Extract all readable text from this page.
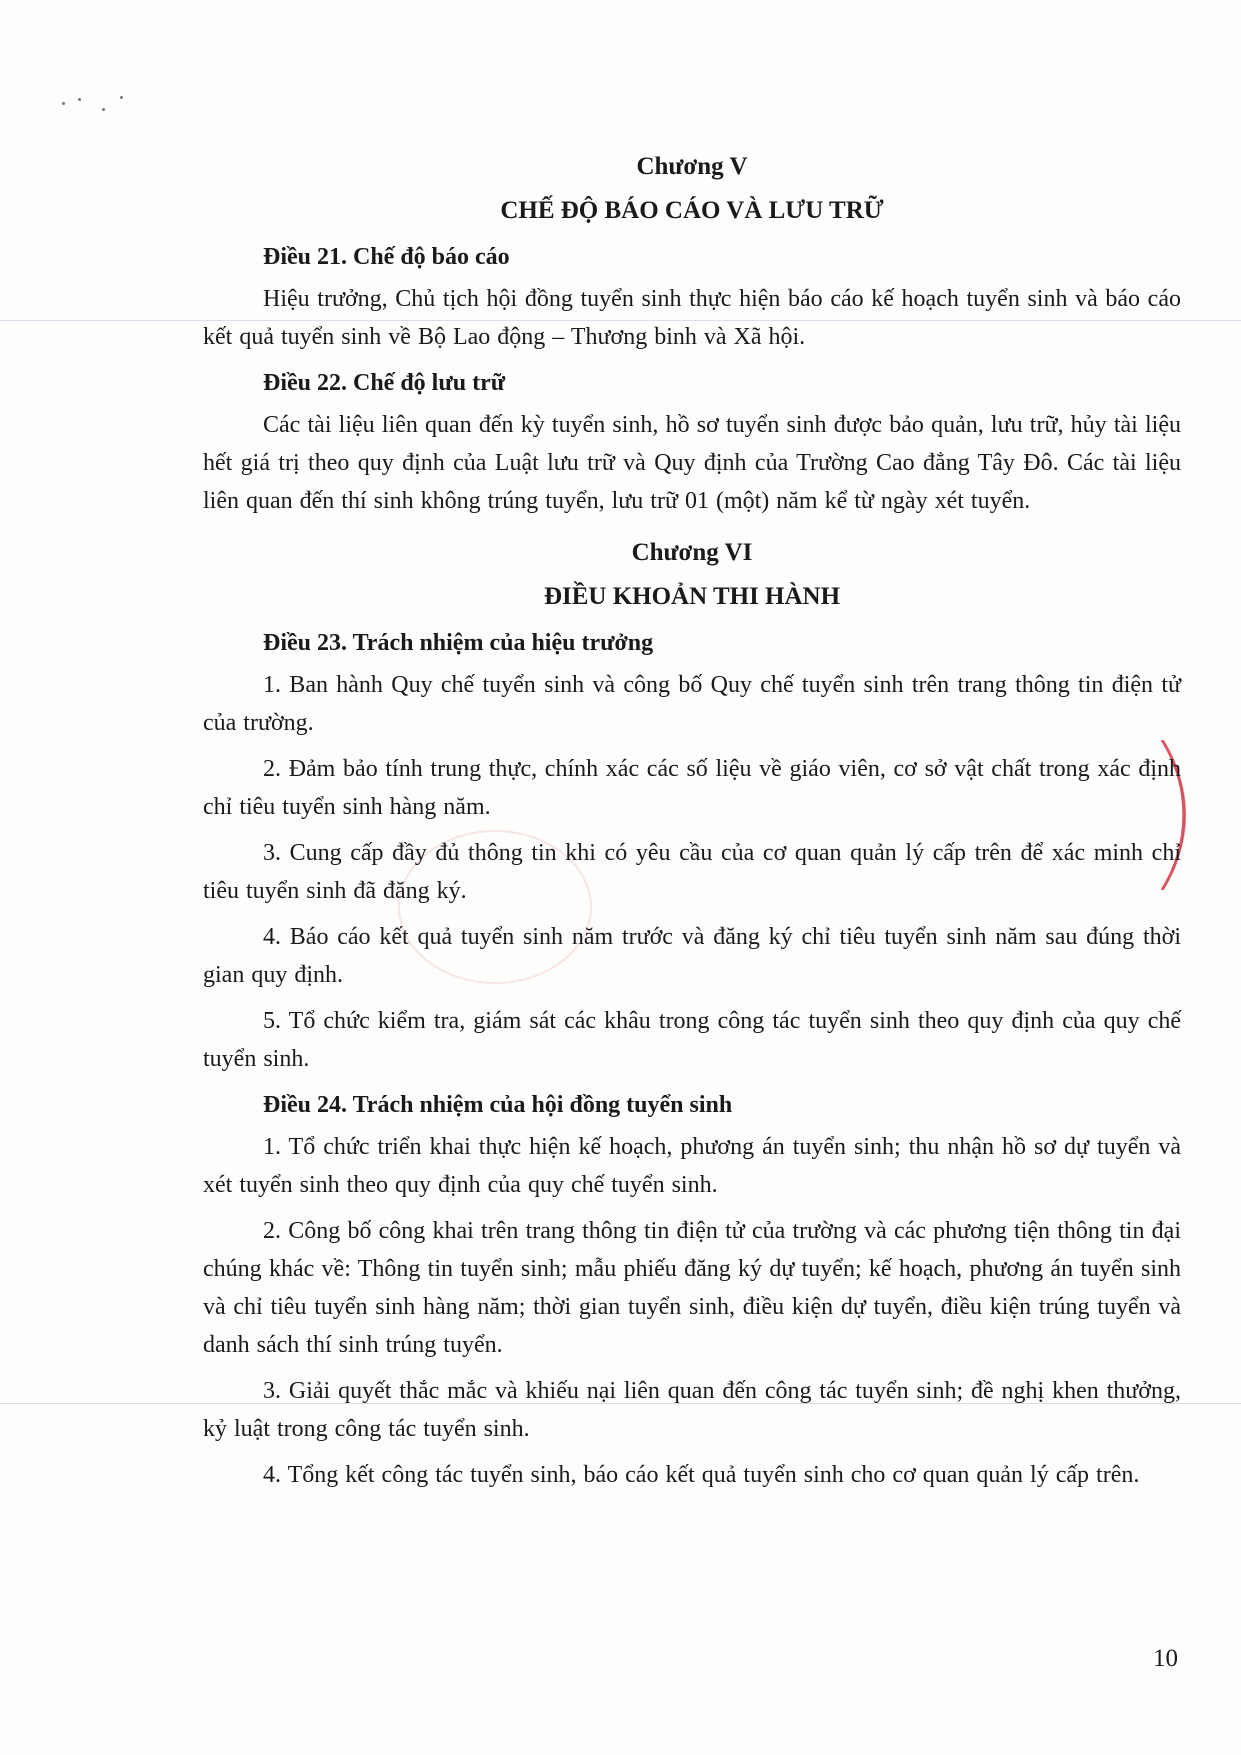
Chương V

CHẾ ĐỘ BÁO CÁO VÀ LƯU TRỮ

Điều 21. Chế độ báo cáo

Hiệu trưởng, Chủ tịch hội đồng tuyển sinh thực hiện báo cáo kế hoạch tuyển sinh và báo cáo kết quả tuyển sinh về Bộ Lao động – Thương binh và Xã hội.

Điều 22. Chế độ lưu trữ

Các tài liệu liên quan đến kỳ tuyển sinh, hồ sơ tuyển sinh được bảo quản, lưu trữ, hủy tài liệu hết giá trị theo quy định của Luật lưu trữ và Quy định của Trường Cao đẳng Tây Đô. Các tài liệu liên quan đến thí sinh không trúng tuyển, lưu trữ 01 (một) năm kể từ ngày xét tuyển.

Chương VI

ĐIỀU KHOẢN THI HÀNH

Điều 23. Trách nhiệm của hiệu trưởng

1. Ban hành Quy chế tuyển sinh và công bố Quy chế tuyển sinh trên trang thông tin điện tử của trường.

2. Đảm bảo tính trung thực, chính xác các số liệu về giáo viên, cơ sở vật chất trong xác định chỉ tiêu tuyển sinh hàng năm.

3. Cung cấp đầy đủ thông tin khi có yêu cầu của cơ quan quản lý cấp trên để xác minh chỉ tiêu tuyển sinh đã đăng ký.

4. Báo cáo kết quả tuyển sinh năm trước và đăng ký chỉ tiêu tuyển sinh năm sau đúng thời gian quy định.

5. Tổ chức kiểm tra, giám sát các khâu trong công tác tuyển sinh theo quy định của quy chế tuyển sinh.

Điều 24. Trách nhiệm của hội đồng tuyển sinh

1. Tổ chức triển khai thực hiện kế hoạch, phương án tuyển sinh; thu nhận hồ sơ dự tuyển và xét tuyển sinh theo quy định của quy chế tuyển sinh.

2. Công bố công khai trên trang thông tin điện tử của trường và các phương tiện thông tin đại chúng khác về: Thông tin tuyển sinh; mẫu phiếu đăng ký dự tuyển; kế hoạch, phương án tuyển sinh và chỉ tiêu tuyển sinh hàng năm; thời gian tuyển sinh, điều kiện dự tuyển, điều kiện trúng tuyển và danh sách thí sinh trúng tuyển.

3. Giải quyết thắc mắc và khiếu nại liên quan đến công tác tuyển sinh; đề nghị khen thưởng, kỷ luật trong công tác tuyển sinh.

4. Tổng kết công tác tuyển sinh, báo cáo kết quả tuyển sinh cho cơ quan quản lý cấp trên.

10
